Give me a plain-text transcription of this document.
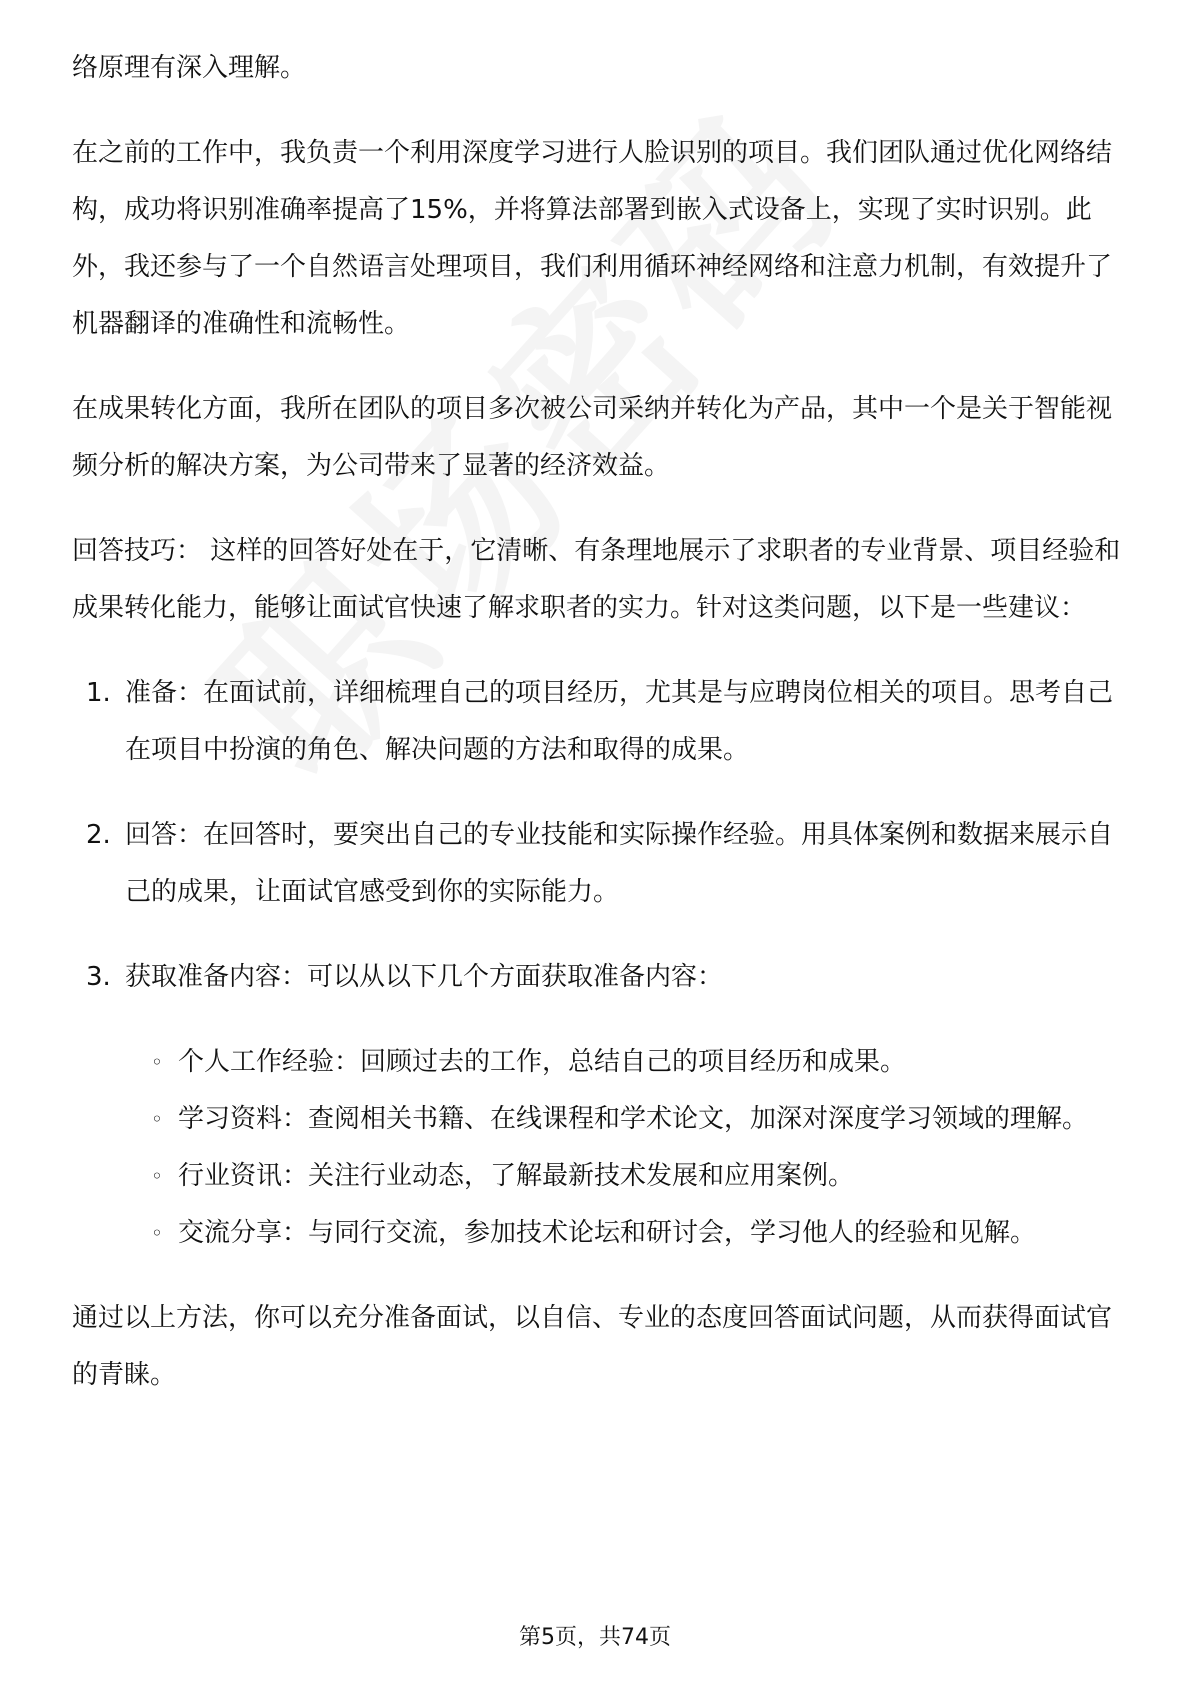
络原理有深入理解。

在之前的工作中，我负责一个利用深度学习进行人脸识别的项目。我们团队通过优化网络结构，成功将识别准确率提高了15%，并将算法部署到嵌入式设备上，实现了实时识别。此外，我还参与了一个自然语言处理项目，我们利用循环神经网络和注意力机制，有效提升了机器翻译的准确性和流畅性。

在成果转化方面，我所在团队的项目多次被公司采纳并转化为产品，其中一个是关于智能视频分析的解决方案，为公司带来了显著的经济效益。

回答技巧： 这样的回答好处在于，它清晰、有条理地展示了求职者的专业背景、项目经验和成果转化能力，能够让面试官快速了解求职者的实力。针对这类问题，以下是一些建议：

1. 准备：在面试前，详细梳理自己的项目经历，尤其是与应聘岗位相关的项目。思考自己在项目中扮演的角色、解决问题的方法和取得的成果。
2. 回答：在回答时，要突出自己的专业技能和实际操作经验。用具体案例和数据来展示自己的成果，让面试官感受到你的实际能力。
3. 获取准备内容：可以从以下几个方面获取准备内容：
◦ 个人工作经验：回顾过去的工作，总结自己的项目经历和成果。
◦ 学习资料：查阅相关书籍、在线课程和学术论文，加深对深度学习领域的理解。
◦ 行业资讯：关注行业动态，了解最新技术发展和应用案例。
◦ 交流分享：与同行交流，参加技术论坛和研讨会，学习他人的经验和见解。

通过以上方法，你可以充分准备面试，以自信、专业的态度回答面试问题，从而获得面试官的青睐。

第5页，共74页
